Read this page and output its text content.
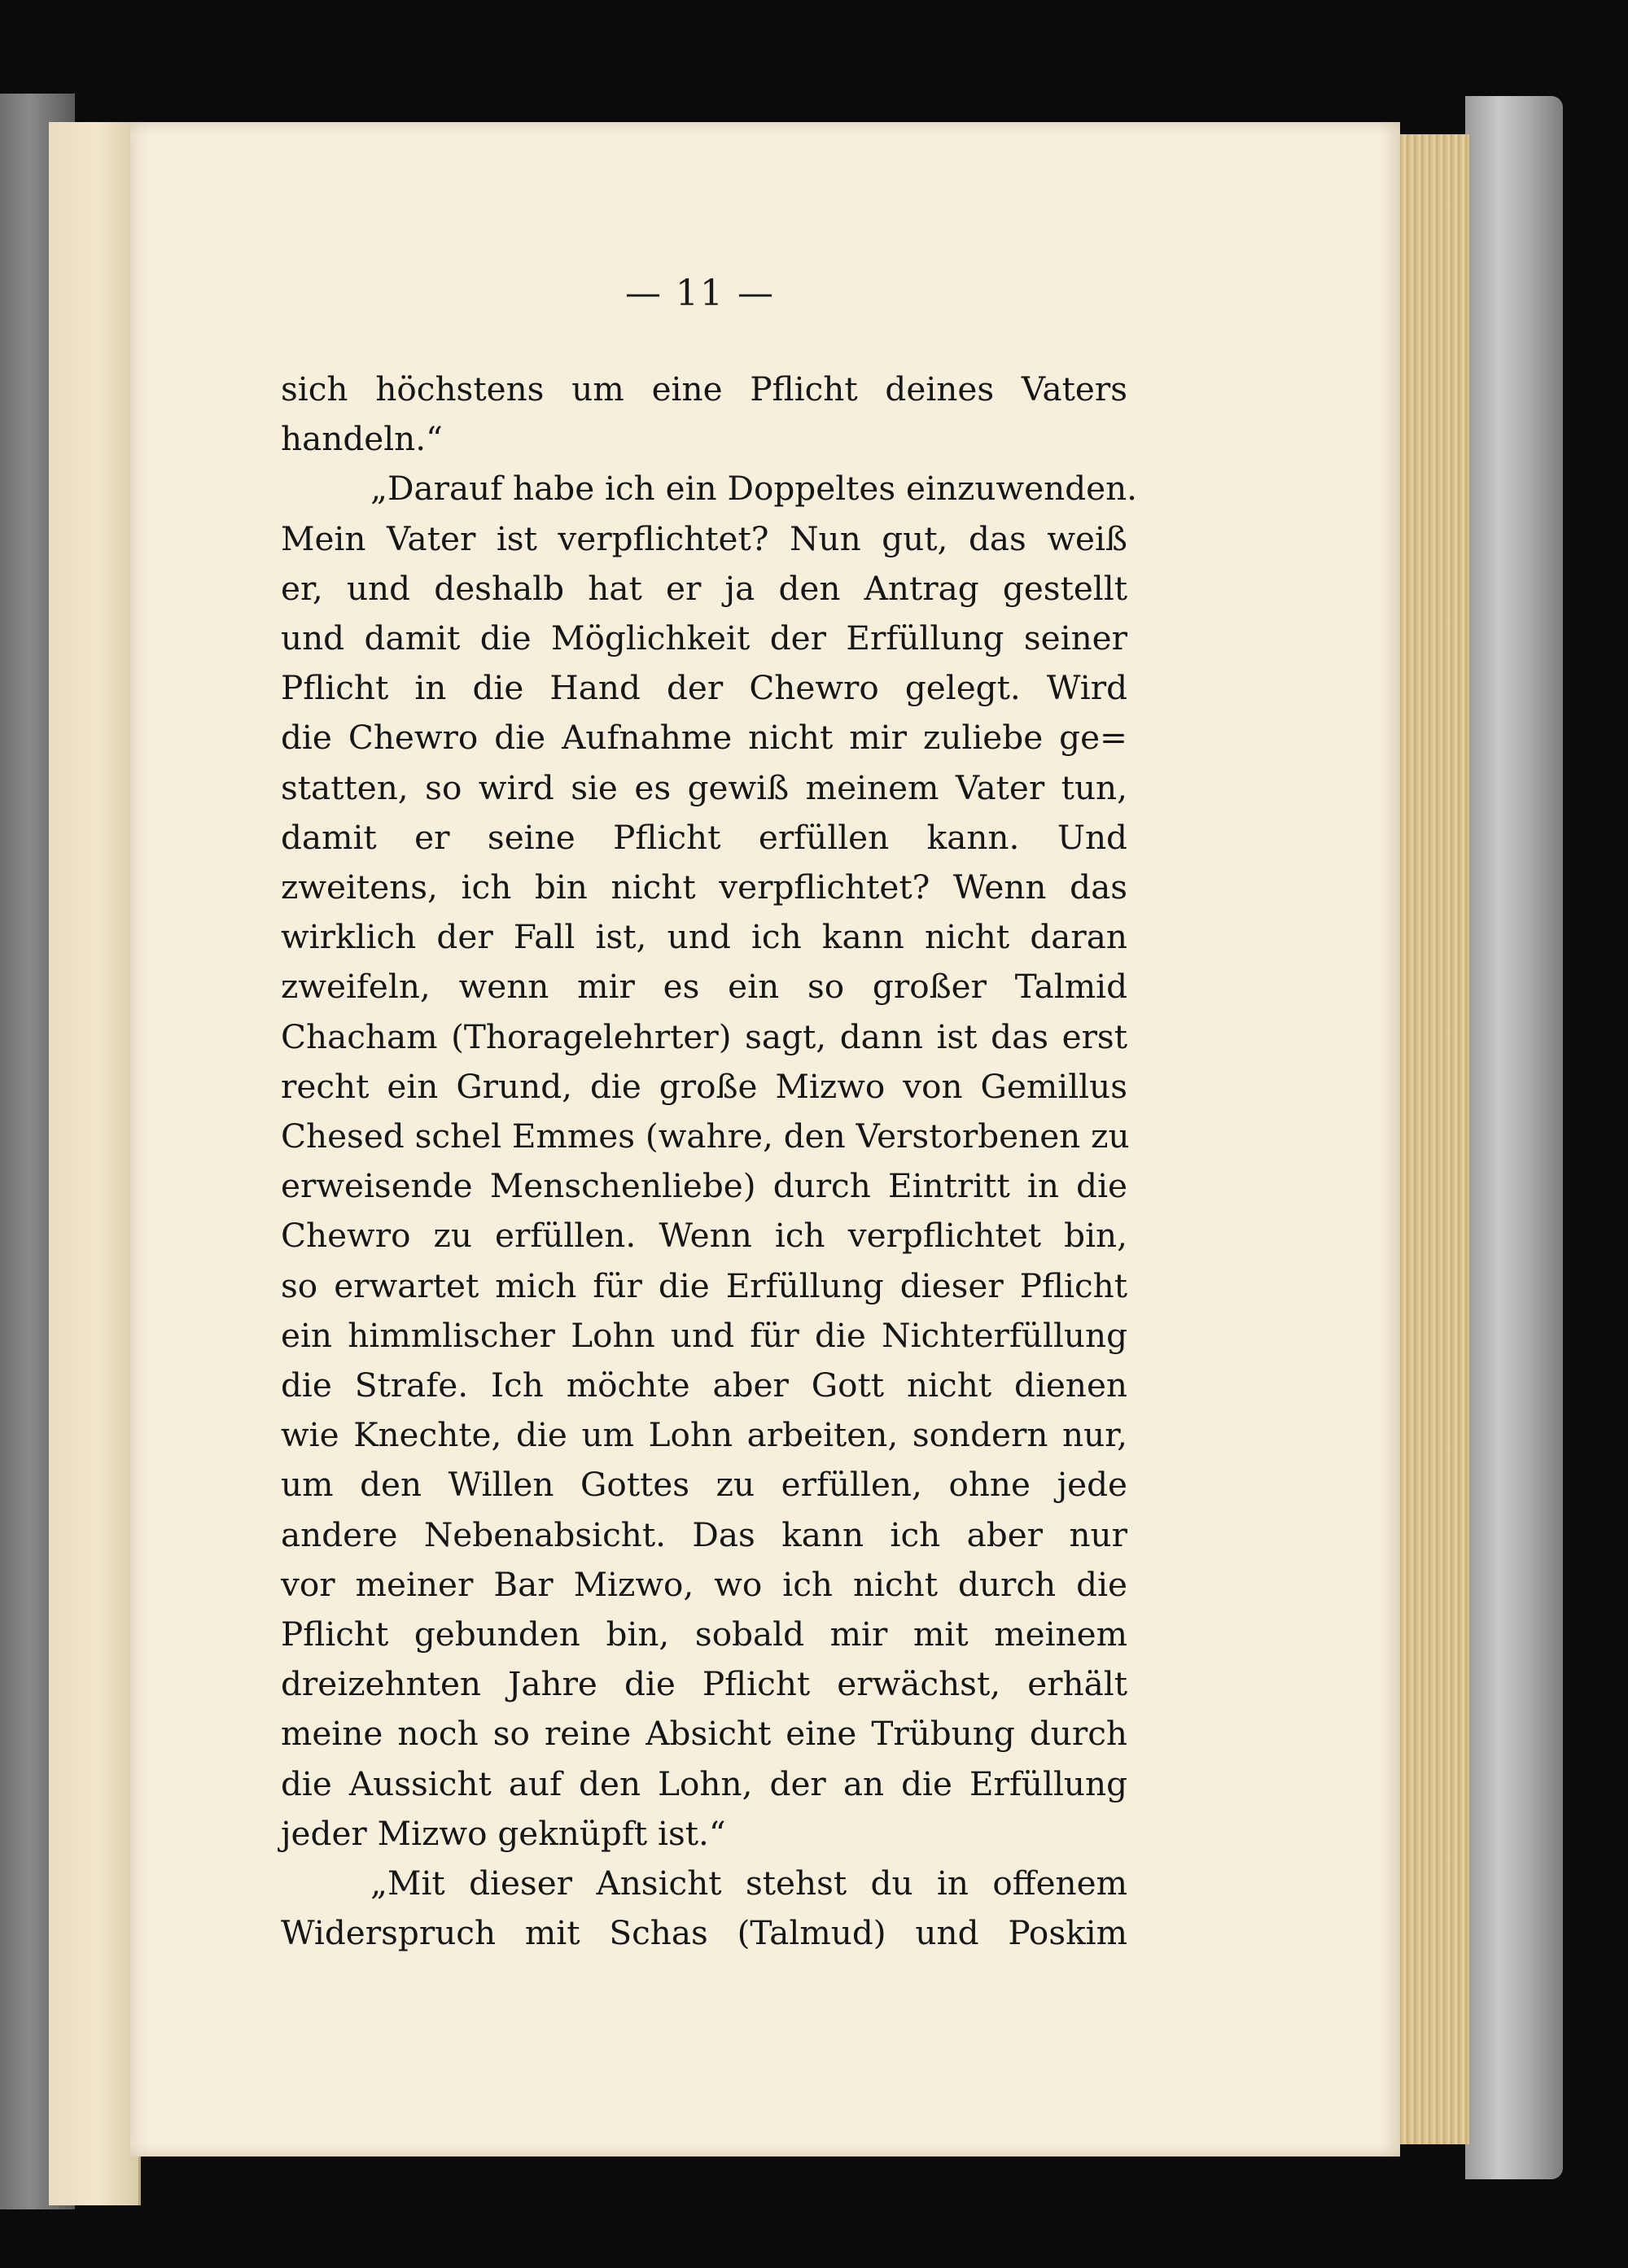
— 11 —
sich höchstens um eine Pflicht deines Vaters
handeln.“
„Darauf habe ich ein Doppeltes einzuwenden.
Mein Vater ist verpflichtet? Nun gut, das weiß
er, und deshalb hat er ja den Antrag gestellt
und damit die Möglichkeit der Erfüllung seiner
Pflicht in die Hand der Chewro gelegt. Wird
die Chewro die Aufnahme nicht mir zuliebe ge=
statten, so wird sie es gewiß meinem Vater tun,
damit er seine Pflicht erfüllen kann. Und
zweitens, ich bin nicht verpflichtet? Wenn das
wirklich der Fall ist, und ich kann nicht daran
zweifeln, wenn mir es ein so großer Talmid
Chacham (Thoragelehrter) sagt, dann ist das erst
recht ein Grund, die große Mizwo von Gemillus
Chesed schel Emmes (wahre, den Verstorbenen zu
erweisende Menschenliebe) durch Eintritt in die
Chewro zu erfüllen. Wenn ich verpflichtet bin,
so erwartet mich für die Erfüllung dieser Pflicht
ein himmlischer Lohn und für die Nichterfüllung
die Strafe. Ich möchte aber Gott nicht dienen
wie Knechte, die um Lohn arbeiten, sondern nur,
um den Willen Gottes zu erfüllen, ohne jede
andere Nebenabsicht. Das kann ich aber nur
vor meiner Bar Mizwo, wo ich nicht durch die
Pflicht gebunden bin, sobald mir mit meinem
dreizehnten Jahre die Pflicht erwächst, erhält
meine noch so reine Absicht eine Trübung durch
die Aussicht auf den Lohn, der an die Erfüllung
jeder Mizwo geknüpft ist.“
„Mit dieser Ansicht stehst du in offenem
Widerspruch mit Schas (Talmud) und Poskim
